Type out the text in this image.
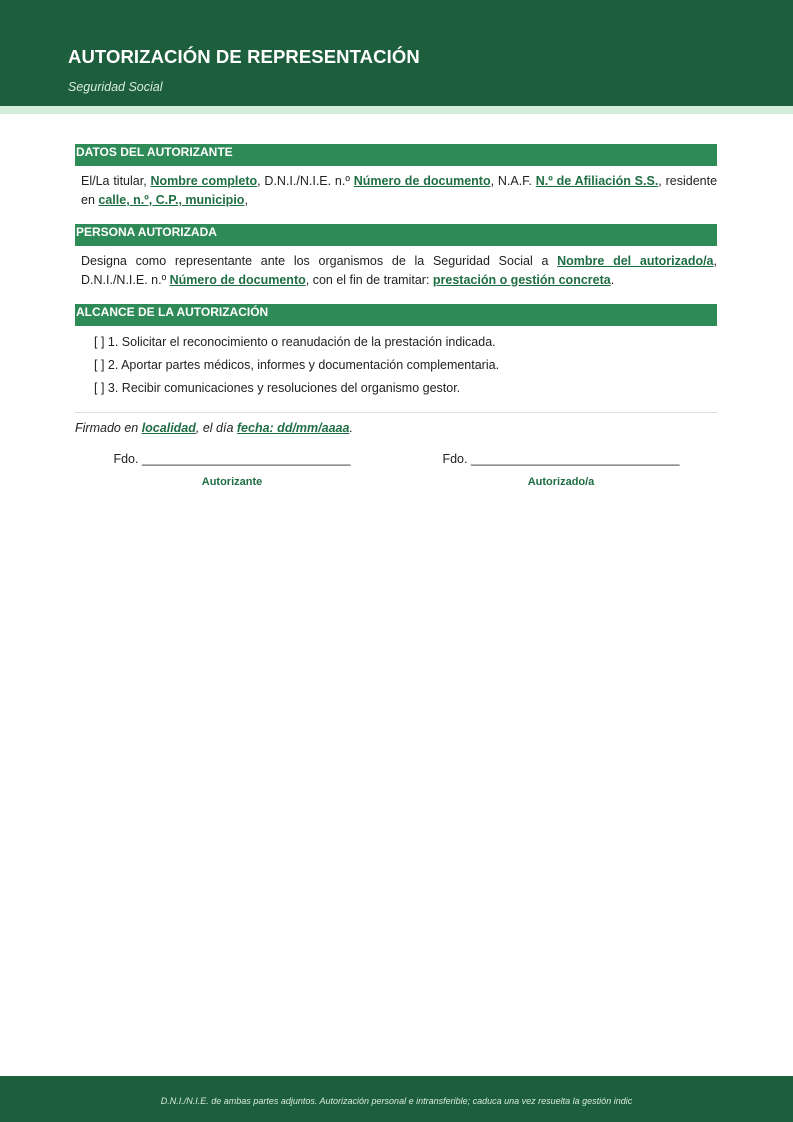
AUTORIZACIÓN DE REPRESENTACIÓN
Seguridad Social
DATOS DEL AUTORIZANTE
El/La titular, Nombre completo, D.N.I./N.I.E. n.º Número de documento, N.A.F. N.º de Afiliación S.S., residente en calle, n.º, C.P., municipio,
PERSONA AUTORIZADA
Designa como representante ante los organismos de la Seguridad Social a Nombre del autorizado/a, D.N.I./N.I.E. n.º Número de documento, con el fin de tramitar: prestación o gestión concreta.
ALCANCE DE LA AUTORIZACIÓN
[ ] 1. Solicitar el reconocimiento o reanudación de la prestación indicada.
[ ] 2. Aportar partes médicos, informes y documentación complementaria.
[ ] 3. Recibir comunicaciones y resoluciones del organismo gestor.
Firmado en localidad, el día fecha: dd/mm/aaaa.
Fdo. ______________________________
Autorizante
Fdo. ______________________________
Autorizado/a
D.N.I./N.I.E. de ambas partes adjuntos. Autorización personal e intransferible; caduca una vez resuelta la gestión indic
